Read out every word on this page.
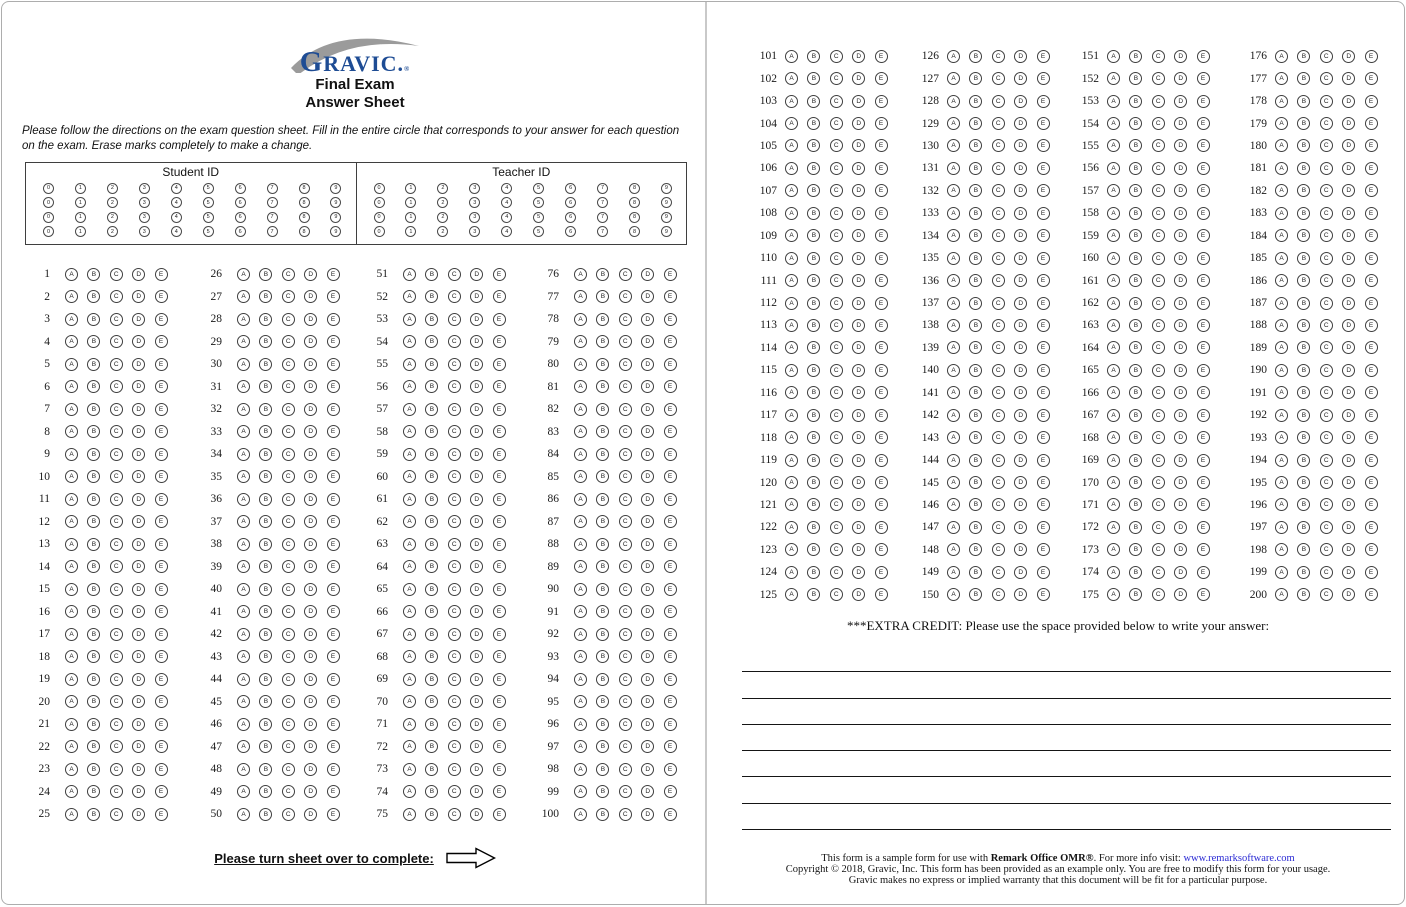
GRAVIC.®
Final Exam
Answer Sheet
Please follow the directions on the exam question sheet. Fill in the entire circle that corresponds to your answer for each question on the exam. Erase marks completely to make a change.
Student ID
0	1	2	3	4	5	6	7	8	9
0	1	2	3	4	5	6	7	8	9
0	1	2	3	4	5	6	7	8	9
0	1	2	3	4	5	6	7	8	9
Teacher ID
0	1	2	3	4	5	6	7	8	9
0	1	2	3	4	5	6	7	8	9
0	1	2	3	4	5	6	7	8	9
0	1	2	3	4	5	6	7	8	9
1	A	B	C	D	E
2	A	B	C	D	E
3	A	B	C	D	E
4	A	B	C	D	E
5	A	B	C	D	E
6	A	B	C	D	E
7	A	B	C	D	E
8	A	B	C	D	E
9	A	B	C	D	E
10	A	B	C	D	E
11	A	B	C	D	E
12	A	B	C	D	E
13	A	B	C	D	E
14	A	B	C	D	E
15	A	B	C	D	E
16	A	B	C	D	E
17	A	B	C	D	E
18	A	B	C	D	E
19	A	B	C	D	E
20	A	B	C	D	E
21	A	B	C	D	E
22	A	B	C	D	E
23	A	B	C	D	E
24	A	B	C	D	E
25	A	B	C	D	E
26	A	B	C	D	E
27	A	B	C	D	E
28	A	B	C	D	E
29	A	B	C	D	E
30	A	B	C	D	E
31	A	B	C	D	E
32	A	B	C	D	E
33	A	B	C	D	E
34	A	B	C	D	E
35	A	B	C	D	E
36	A	B	C	D	E
37	A	B	C	D	E
38	A	B	C	D	E
39	A	B	C	D	E
40	A	B	C	D	E
41	A	B	C	D	E
42	A	B	C	D	E
43	A	B	C	D	E
44	A	B	C	D	E
45	A	B	C	D	E
46	A	B	C	D	E
47	A	B	C	D	E
48	A	B	C	D	E
49	A	B	C	D	E
50	A	B	C	D	E
51	A	B	C	D	E
52	A	B	C	D	E
53	A	B	C	D	E
54	A	B	C	D	E
55	A	B	C	D	E
56	A	B	C	D	E
57	A	B	C	D	E
58	A	B	C	D	E
59	A	B	C	D	E
60	A	B	C	D	E
61	A	B	C	D	E
62	A	B	C	D	E
63	A	B	C	D	E
64	A	B	C	D	E
65	A	B	C	D	E
66	A	B	C	D	E
67	A	B	C	D	E
68	A	B	C	D	E
69	A	B	C	D	E
70	A	B	C	D	E
71	A	B	C	D	E
72	A	B	C	D	E
73	A	B	C	D	E
74	A	B	C	D	E
75	A	B	C	D	E
76	A	B	C	D	E
77	A	B	C	D	E
78	A	B	C	D	E
79	A	B	C	D	E
80	A	B	C	D	E
81	A	B	C	D	E
82	A	B	C	D	E
83	A	B	C	D	E
84	A	B	C	D	E
85	A	B	C	D	E
86	A	B	C	D	E
87	A	B	C	D	E
88	A	B	C	D	E
89	A	B	C	D	E
90	A	B	C	D	E
91	A	B	C	D	E
92	A	B	C	D	E
93	A	B	C	D	E
94	A	B	C	D	E
95	A	B	C	D	E
96	A	B	C	D	E
97	A	B	C	D	E
98	A	B	C	D	E
99	A	B	C	D	E
100	A	B	C	D	E
Please turn sheet over to complete:
101	A	B	C	D	E
102	A	B	C	D	E
103	A	B	C	D	E
104	A	B	C	D	E
105	A	B	C	D	E
106	A	B	C	D	E
107	A	B	C	D	E
108	A	B	C	D	E
109	A	B	C	D	E
110	A	B	C	D	E
111	A	B	C	D	E
112	A	B	C	D	E
113	A	B	C	D	E
114	A	B	C	D	E
115	A	B	C	D	E
116	A	B	C	D	E
117	A	B	C	D	E
118	A	B	C	D	E
119	A	B	C	D	E
120	A	B	C	D	E
121	A	B	C	D	E
122	A	B	C	D	E
123	A	B	C	D	E
124	A	B	C	D	E
125	A	B	C	D	E
126	A	B	C	D	E
127	A	B	C	D	E
128	A	B	C	D	E
129	A	B	C	D	E
130	A	B	C	D	E
131	A	B	C	D	E
132	A	B	C	D	E
133	A	B	C	D	E
134	A	B	C	D	E
135	A	B	C	D	E
136	A	B	C	D	E
137	A	B	C	D	E
138	A	B	C	D	E
139	A	B	C	D	E
140	A	B	C	D	E
141	A	B	C	D	E
142	A	B	C	D	E
143	A	B	C	D	E
144	A	B	C	D	E
145	A	B	C	D	E
146	A	B	C	D	E
147	A	B	C	D	E
148	A	B	C	D	E
149	A	B	C	D	E
150	A	B	C	D	E
151	A	B	C	D	E
152	A	B	C	D	E
153	A	B	C	D	E
154	A	B	C	D	E
155	A	B	C	D	E
156	A	B	C	D	E
157	A	B	C	D	E
158	A	B	C	D	E
159	A	B	C	D	E
160	A	B	C	D	E
161	A	B	C	D	E
162	A	B	C	D	E
163	A	B	C	D	E
164	A	B	C	D	E
165	A	B	C	D	E
166	A	B	C	D	E
167	A	B	C	D	E
168	A	B	C	D	E
169	A	B	C	D	E
170	A	B	C	D	E
171	A	B	C	D	E
172	A	B	C	D	E
173	A	B	C	D	E
174	A	B	C	D	E
175	A	B	C	D	E
176	A	B	C	D	E
177	A	B	C	D	E
178	A	B	C	D	E
179	A	B	C	D	E
180	A	B	C	D	E
181	A	B	C	D	E
182	A	B	C	D	E
183	A	B	C	D	E
184	A	B	C	D	E
185	A	B	C	D	E
186	A	B	C	D	E
187	A	B	C	D	E
188	A	B	C	D	E
189	A	B	C	D	E
190	A	B	C	D	E
191	A	B	C	D	E
192	A	B	C	D	E
193	A	B	C	D	E
194	A	B	C	D	E
195	A	B	C	D	E
196	A	B	C	D	E
197	A	B	C	D	E
198	A	B	C	D	E
199	A	B	C	D	E
200	A	B	C	D	E
***EXTRA CREDIT: Please use the space provided below to write your answer:
This form is a sample form for use with Remark Office OMR®. For more info visit: www.remarksoftware.com
Copyright © 2018, Gravic, Inc. This form has been provided as an example only. You are free to modify this form for your usage.
Gravic makes no express or implied warranty that this document will be fit for a particular purpose.
